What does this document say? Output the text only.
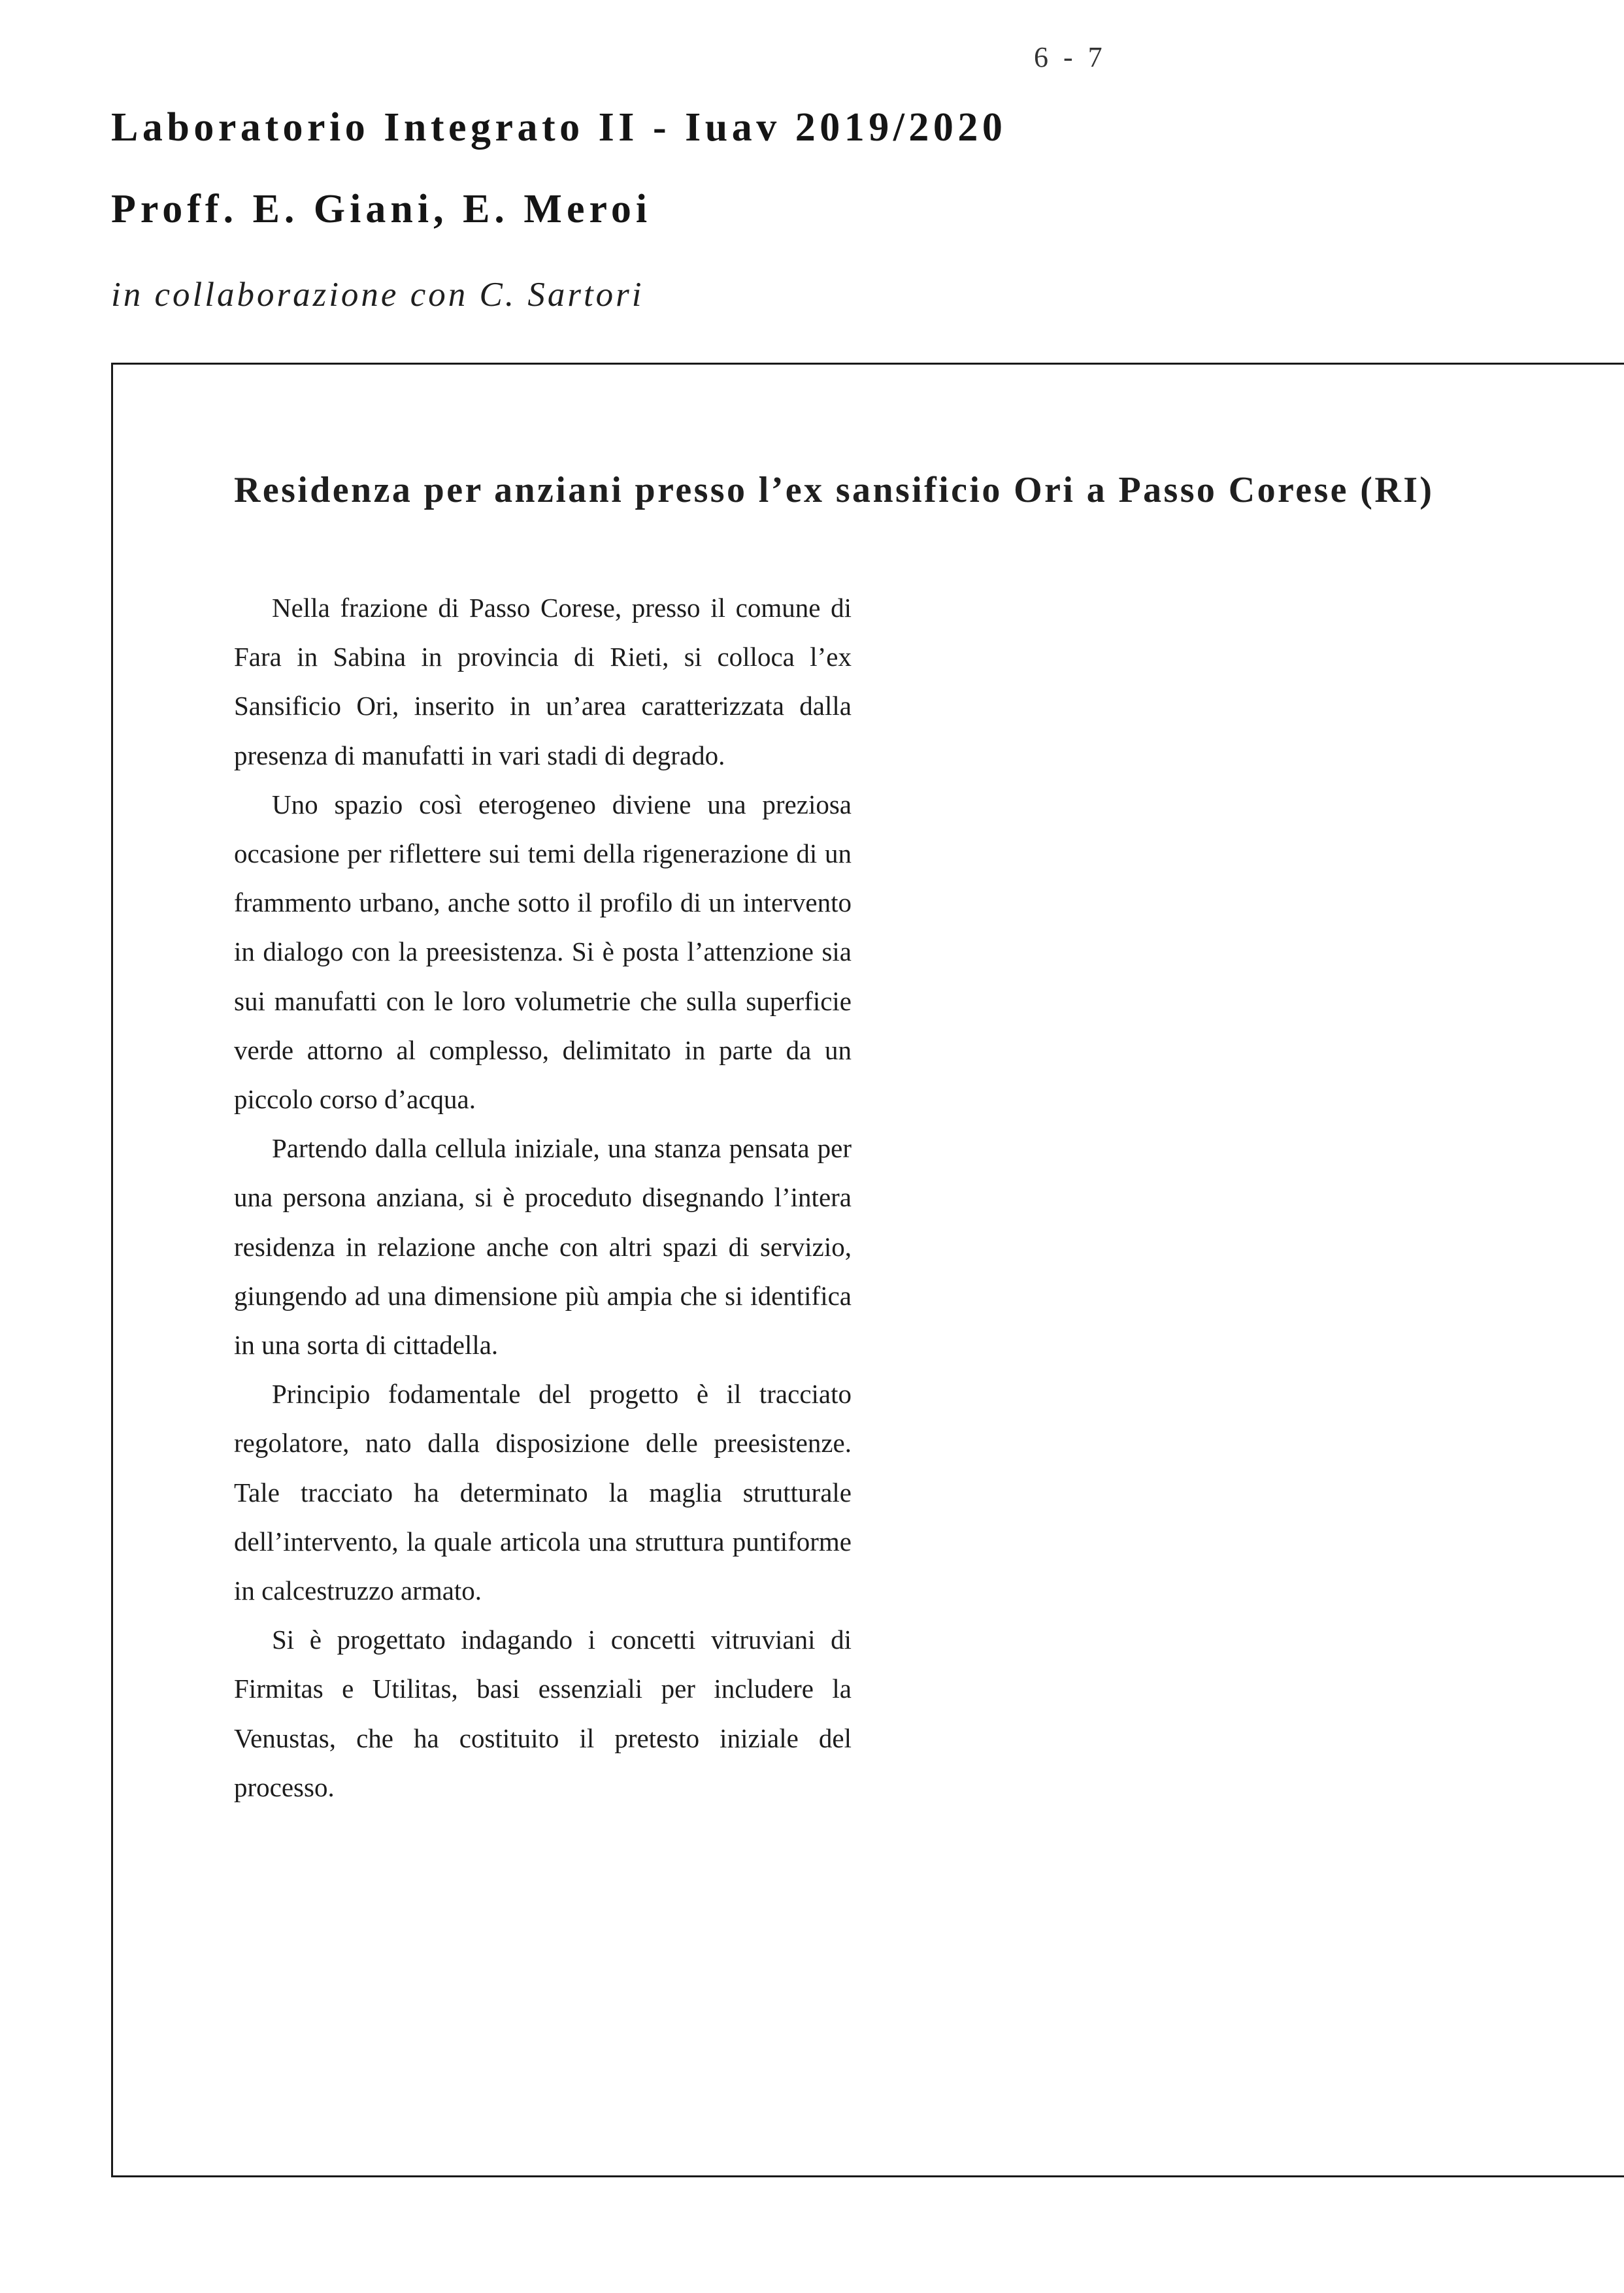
6 - 7
Laboratorio Integrato II - Iuav 2019/2020
Proff. E. Giani, E. Meroi
in collaborazione con C. Sartori
Residenza per anziani presso l’ex sansificio Ori a Passo Corese (RI)

Nella frazione di Passo Corese, presso il comune di Fara in Sabina in provincia di Rieti, si colloca l’ex Sansificio Ori, inserito in un’area caratterizzata dalla presenza di manufatti in vari stadi di degrado.

Uno spazio così eterogeneo diviene una preziosa occasione per riflettere sui temi della rigenerazione di un frammento urbano, anche sotto il profilo di un intervento in dialogo con la preesistenza. Si è posta l’attenzione sia sui manufatti con le loro volumetrie che sulla superficie verde attorno al complesso, delimitato in parte da un piccolo corso d’acqua.

Partendo dalla cellula iniziale, una stanza pensata per una persona anziana, si è proceduto disegnando l’intera residenza in relazione anche con altri spazi di servizio, giungendo ad una dimensione più ampia che si identifica in una sorta di cittadella.

Principio fodamentale del progetto è il tracciato regolatore, nato dalla disposizione delle preesistenze. Tale tracciato ha determinato la maglia strutturale dell’intervento, la quale articola una struttura puntiforme in calcestruzzo armato.

Si è progettato indagando i concetti vitruviani di Firmitas e Utilitas, basi essenziali per includere la Venustas, che ha costituito il pretesto iniziale del processo.
